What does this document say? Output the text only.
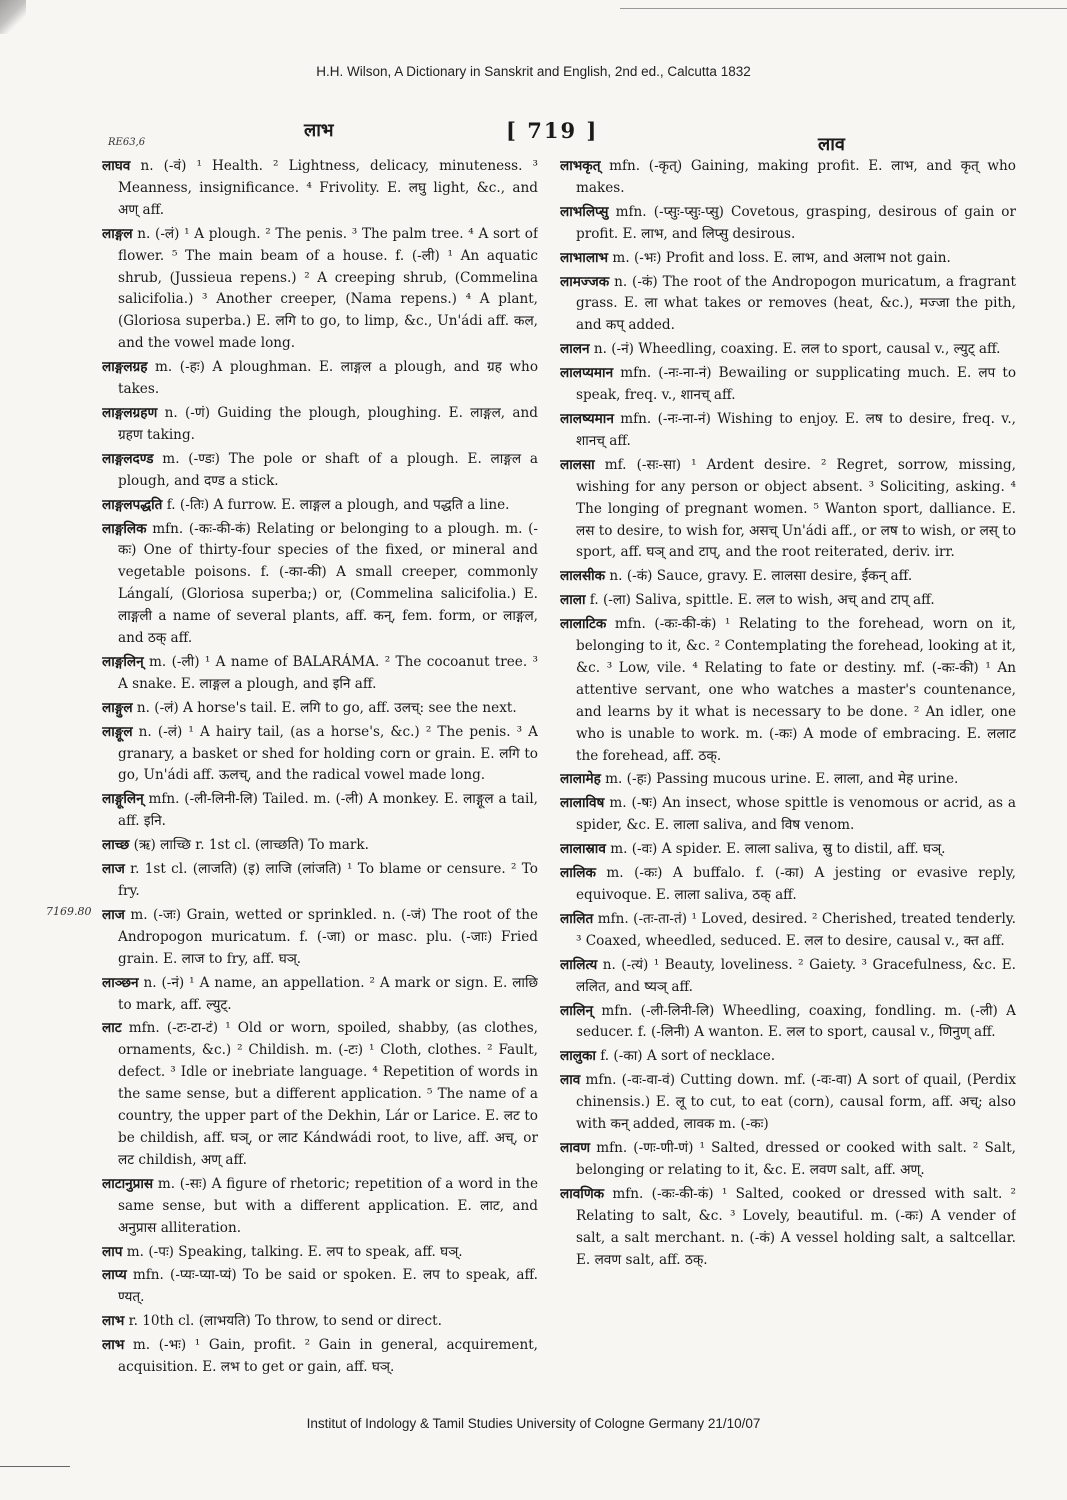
H.H. Wilson, A Dictionary in Sanskrit and English, 2nd ed., Calcutta 1832
लाभ	[ 719 ]
लाव
RE63,6
7169.80

लाघव n. (-वं) ¹ Health. ² Lightness, delicacy, minuteness. ³ Meanness, insignificance. ⁴ Frivolity. E. लघु light, &c., and अण् aff.

लाङ्गल n. (-लं) ¹ A plough. ² The penis. ³ The palm tree. ⁴ A sort of flower. ⁵ The main beam of a house. f. (-ली) ¹ An aquatic shrub, (Jussieua repens.) ² A creeping shrub, (Commelina salicifolia.) ³ Another creeper, (Nama repens.) ⁴ A plant, (Gloriosa superba.) E. लगि to go, to limp, &c., Un'ádi aff. कल, and the vowel made long.

लाङ्गलग्रह m. (-हः) A ploughman. E. लाङ्गल a plough, and ग्रह who takes.

लाङ्गलग्रहण n. (-णं) Guiding the plough, ploughing. E. लाङ्गल, and ग्रहण taking.

लाङ्गलदण्ड m. (-ण्डः) The pole or shaft of a plough. E. लाङ्गल a plough, and दण्ड a stick.

लाङ्गलपद्धति f. (-तिः) A furrow. E. लाङ्गल a plough, and पद्धति a line.

लाङ्गलिक mfn. (-कः-की-कं) Relating or belonging to a plough. m. (-कः) One of thirty-four species of the fixed, or mineral and vegetable poisons. f. (-का-की) A small creeper, commonly Lángalí, (Gloriosa superba;) or, (Commelina salicifolia.) E. लाङ्गली a name of several plants, aff. कन्, fem. form, or लाङ्गल, and ठक् aff.

लाङ्गलिन् m. (-ली) ¹ A name of BALARÁMA. ² The cocoanut tree. ³ A snake. E. लाङ्गल a plough, and इनि aff.

लाङ्गुल n. (-लं) A horse's tail. E. लगि to go, aff. उलच्: see the next.

लाङ्गूल n. (-लं) ¹ A hairy tail, (as a horse's, &c.) ² The penis. ³ A granary, a basket or shed for holding corn or grain. E. लगि to go, Un'ádi aff. ऊलच्, and the radical vowel made long.

लाङ्गूलिन् mfn. (-ली-लिनी-लि) Tailed. m. (-ली) A monkey. E. लाङ्गूल a tail, aff. इनि.

लाच्छ (ऋ) लाच्छि r. 1st cl. (लाच्छति) To mark.

लाज r. 1st cl. (लाजति) (इ) लाजि (लांजति) ¹ To blame or censure. ² To fry.

लाज m. (-जः) Grain, wetted or sprinkled. n. (-जं) The root of the Andropogon muricatum. f. (-जा) or masc. plu. (-जाः) Fried grain. E. लाज to fry, aff. घञ्.

लाञ्छन n. (-नं) ¹ A name, an appellation. ² A mark or sign. E. लाछि to mark, aff. ल्युट्.

लाट mfn. (-टः-टा-टं) ¹ Old or worn, spoiled, shabby, (as clothes, ornaments, &c.) ² Childish. m. (-टः) ¹ Cloth, clothes. ² Fault, defect. ³ Idle or inebriate language. ⁴ Repetition of words in the same sense, but a different application. ⁵ The name of a country, the upper part of the Dekhin, Lár or Larice. E. लट to be childish, aff. घञ्, or लाट Kándwádi root, to live, aff. अच्, or लट childish, अण् aff.

लाटानुप्रास m. (-सः) A figure of rhetoric; repetition of a word in the same sense, but with a different application. E. लाट, and अनुप्रास alliteration.

लाप m. (-पः) Speaking, talking. E. लप to speak, aff. घञ्.

लाप्य mfn. (-प्यः-प्या-प्यं) To be said or spoken. E. लप to speak, aff. ण्यत्.

लाभ r. 10th cl. (लाभयति) To throw, to send or direct.

लाभ m. (-भः) ¹ Gain, profit. ² Gain in general, acquirement, acquisition. E. लभ to get or gain, aff. घञ्.

लाभकृत् mfn. (-कृत्) Gaining, making profit. E. लाभ, and कृत् who makes.

लाभलिप्सु mfn. (-प्सुः-प्सुः-प्सु) Covetous, grasping, desirous of gain or profit. E. लाभ, and लिप्सु desirous.

लाभालाभ m. (-भः) Profit and loss. E. लाभ, and अलाभ not gain.

लामज्जक n. (-कं) The root of the Andropogon muricatum, a fragrant grass. E. ला what takes or removes (heat, &c.), मज्जा the pith, and कप् added.

लालन n. (-नं) Wheedling, coaxing. E. लल to sport, causal v., ल्युट् aff.

लालप्यमान mfn. (-नः-ना-नं) Bewailing or supplicating much. E. लप to speak, freq. v., शानच् aff.

लालष्यमान mfn. (-नः-ना-नं) Wishing to enjoy. E. लष to desire, freq. v., शानच् aff.

लालसा mf. (-सः-सा) ¹ Ardent desire. ² Regret, sorrow, missing, wishing for any person or object absent. ³ Soliciting, asking. ⁴ The longing of pregnant women. ⁵ Wanton sport, dalliance. E. लस to desire, to wish for, असच् Un'ádi aff., or लष to wish, or लस् to sport, aff. घञ् and टाप्, and the root reiterated, deriv. irr.

लालसीक n. (-कं) Sauce, gravy. E. लालसा desire, ईकन् aff.

लाला f. (-ला) Saliva, spittle. E. लल to wish, अच् and टाप् aff.

लालाटिक mfn. (-कः-की-कं) ¹ Relating to the forehead, worn on it, belonging to it, &c. ² Contemplating the forehead, looking at it, &c. ³ Low, vile. ⁴ Relating to fate or destiny. mf. (-कः-की) ¹ An attentive servant, one who watches a master's countenance, and learns by it what is necessary to be done. ² An idler, one who is unable to work. m. (-कः) A mode of embracing. E. ललाट the forehead, aff. ठक्.

लालामेह m. (-हः) Passing mucous urine. E. लाला, and मेह urine.

लालाविष m. (-षः) An insect, whose spittle is venomous or acrid, as a spider, &c. E. लाला saliva, and विष venom.

लालास्राव m. (-वः) A spider. E. लाला saliva, स्रु to distil, aff. घञ्.

लालिक m. (-कः) A buffalo. f. (-का) A jesting or evasive reply, equivoque. E. लाला saliva, ठक् aff.

लालित mfn. (-तः-ता-तं) ¹ Loved, desired. ² Cherished, treated tenderly. ³ Coaxed, wheedled, seduced. E. लल to desire, causal v., क्त aff.

लालित्य n. (-त्यं) ¹ Beauty, loveliness. ² Gaiety. ³ Gracefulness, &c. E. ललित, and ष्यञ् aff.

लालिन् mfn. (-ली-लिनी-लि) Wheedling, coaxing, fondling. m. (-ली) A seducer. f. (-लिनी) A wanton. E. लल to sport, causal v., णिनुण् aff.

लालुका f. (-का) A sort of necklace.

लाव mfn. (-वः-वा-वं) Cutting down. mf. (-वः-वा) A sort of quail, (Perdix chinensis.) E. लू to cut, to eat (corn), causal form, aff. अच्; also with कन् added, लावक m. (-कः)

लावण mfn. (-णः-णी-णं) ¹ Salted, dressed or cooked with salt. ² Salt, belonging or relating to it, &c. E. लवण salt, aff. अण्.

लावणिक mfn. (-कः-की-कं) ¹ Salted, cooked or dressed with salt. ² Relating to salt, &c. ³ Lovely, beautiful. m. (-कः) A vender of salt, a salt merchant. n. (-कं) A vessel holding salt, a saltcellar. E. लवण salt, aff. ठक्.

Institut of Indology & Tamil Studies University of Cologne Germany 21/10/07
